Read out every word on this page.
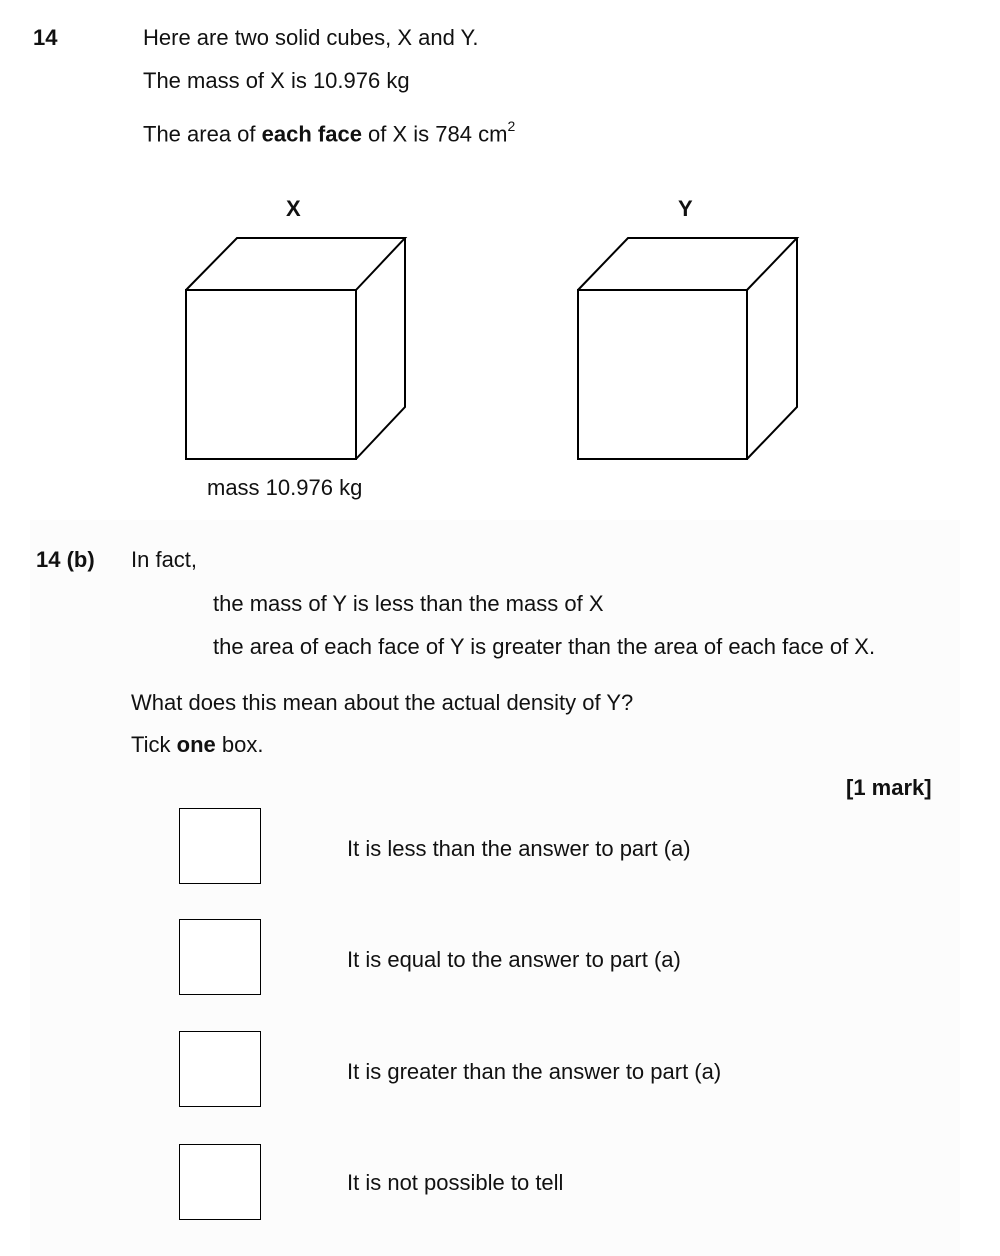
14	Here are two solid cubes, X and Y.
The mass of X is 10.976 kg
The area of each face of X is 784 $cm^2$
X	Y
mass 10.976 kg
14 (b) In fact,
the mass of Y is less than the mass of X
the area of each face of Y is greater than the area of each face of X.
What does this mean about the actual density of Y?
Tick one box.
[1 mark]
It is less than the answer to part (a)
It is equal to the answer to part (a)
It is greater than the answer to part (a)
It is not possible to tell
